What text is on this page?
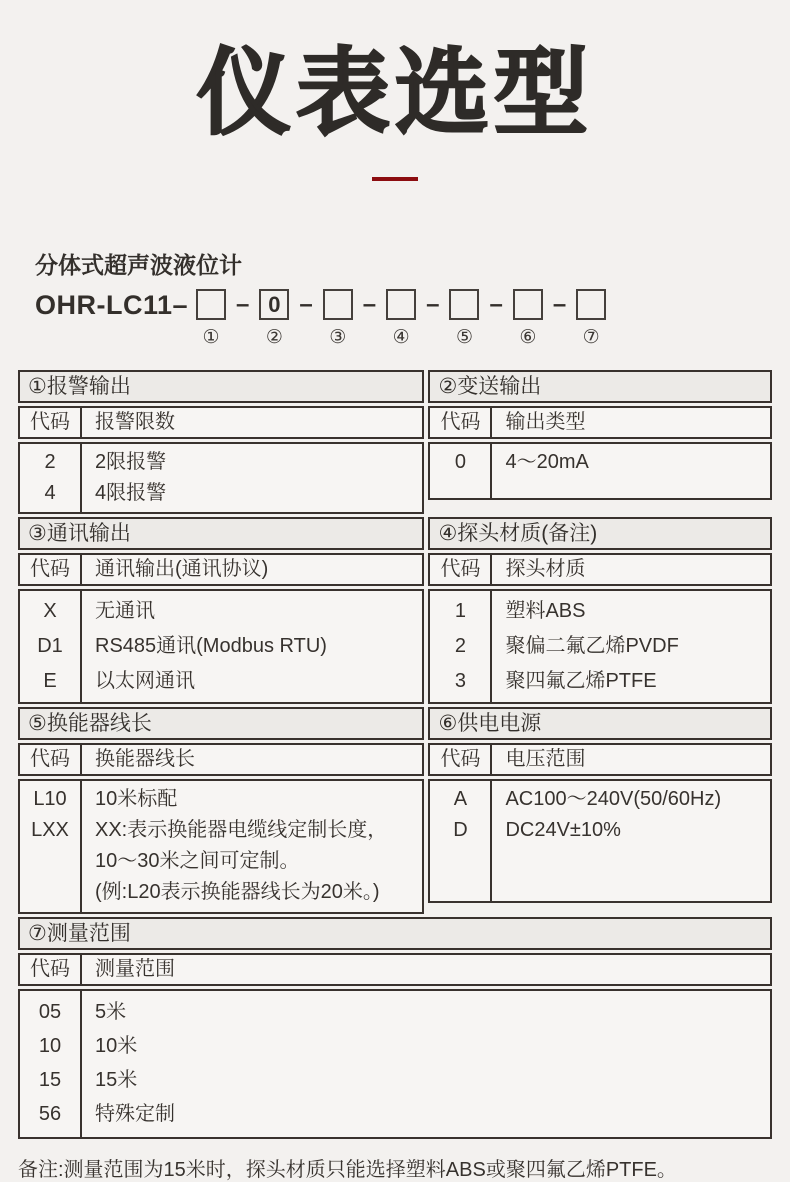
仪表选型
分体式超声波液位计
OHR-LC11–
①
– 0
②
–
③
–
④
–
⑤
–
⑥
–
⑦
①报警输出
代码	报警限数
2	2限报警
4	4限报警
②变送输出
代码	输出类型
0	4～20mA
③通讯输出
代码	通讯输出(通讯协议)
X	无通讯
D1	RS485通讯(Modbus RTU)
E	以太网通讯
④探头材质(备注)
代码	探头材质
1	塑料ABS
2	聚偏二氟乙烯PVDF
3	聚四氟乙烯PTFE
⑤换能器线长
代码	换能器线长
L10	10米标配
LXX	XX:表示换能器电缆线定制长度，
10～30米之间可定制。
(例:L20表示换能器线长为20米。)
⑥供电电源
代码	电压范围
A	AC100～240V(50/60Hz)
D	DC24V±10%
⑦测量范围
代码	测量范围
05	5米
10	10米
15	15米
56	特殊定制
备注:测量范围为15米时，探头材质只能选择塑料ABS或聚四氟乙烯PTFE。
